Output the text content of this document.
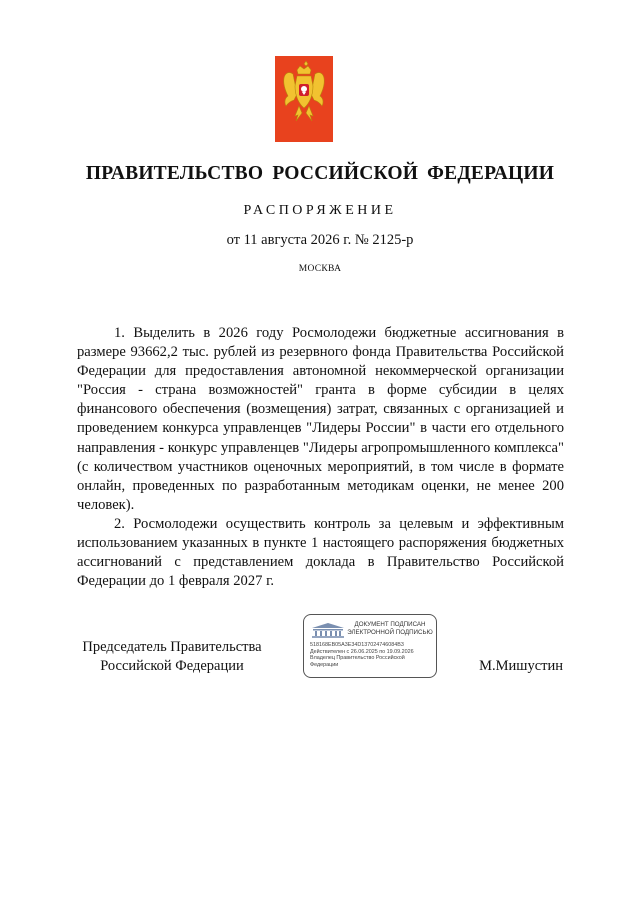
ПРАВИТЕЛЬСТВО РОССИЙСКОЙ ФЕДЕРАЦИИ
РАСПОРЯЖЕНИЕ
от 11 августа 2026 г. № 2125-р
МОСКВА

1. Выделить в 2026 году Росмолодежи бюджетные ассигнования в размере 93662,2 тыс. рублей из резервного фонда Правительства Российской Федерации для предоставления автономной некоммерческой организации "Россия - страна возможностей" гранта в форме субсидии в целях финансового обеспечения (возмещения) затрат, связанных с организацией и проведением конкурса управленцев "Лидеры России" в части его отдельного направления - конкурс управленцев "Лидеры агропромышленного комплекса" (с количеством участников оценочных мероприятий, в том числе в формате онлайн, проведенных по разработанным методикам оценки, не менее 200 человек).

2. Росмолодежи осуществить контроль за целевым и эффективным использованием указанных в пункте 1 настоящего распоряжения бюджетных ассигнований с представлением доклада в Правительство Российской Федерации до 1 февраля 2027 г.

Председатель Правительства
Российской Федерации
ДОКУМЕНТ ПОДПИСАН
ЭЛЕКТРОННОЙ ПОДПИСЬЮ
518168EB05A3E34D137024746084B3
Действителен с 26.06.2025 по 19.09.2026
Владелец Правительство Российской
Федерации	М.Мишустин
